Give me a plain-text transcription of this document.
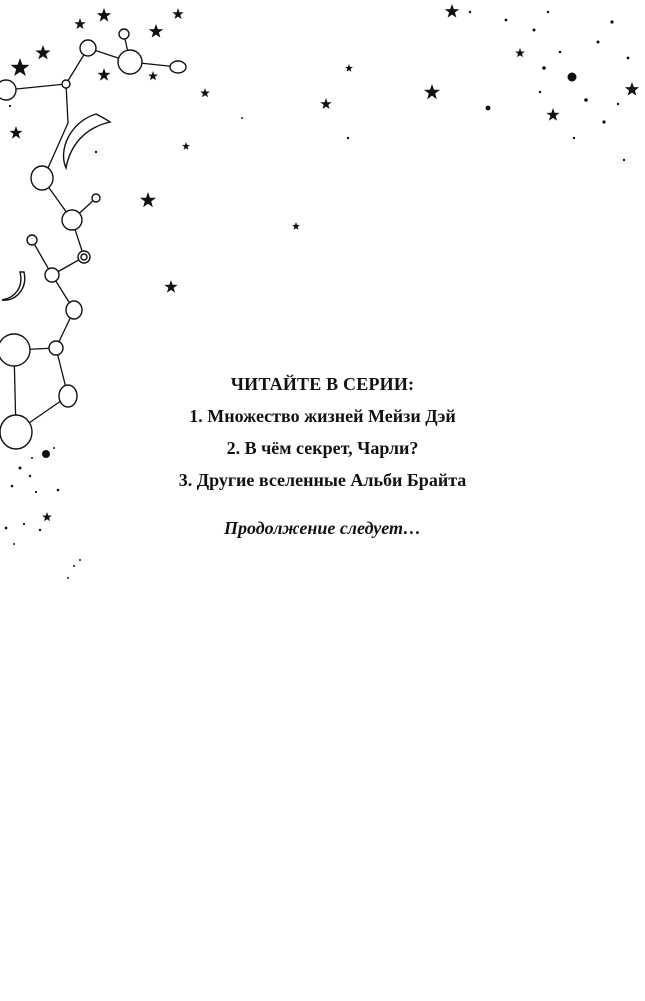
ЧИТАЙТЕ В СЕРИИ:
1. Множество жизней Мейзи Дэй
2. В чём секрет, Чарли?
3. Другие вселенные Альби Брайта

Продолжение следует…
